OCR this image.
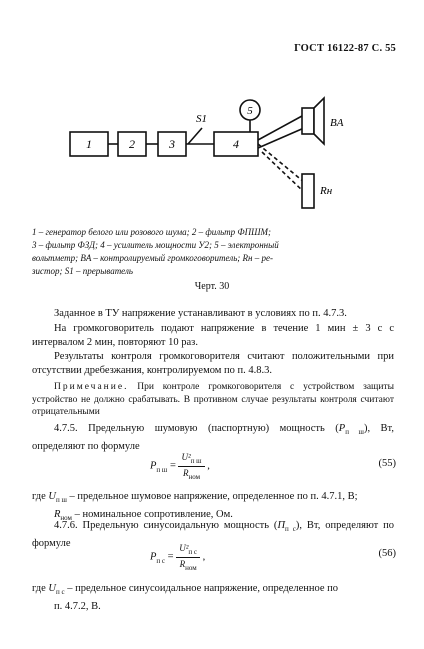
ГОСТ 16122-87 С. 55
1	2	3	4
5
S1	BA
Rн
1 – генератор белого или розового шума; 2 – фильтр ФПШМ;
3 – фильтр ФЗД; 4 – усилитель мощности У2; 5 – электронный
вольтметр; BA – контролируемый громкоговоритель; Rн – ре-
зистор; S1 – прерыватель
Черт. 30
Заданное в ТУ напряжение устанавливают в условиях по п. 4.7.3.
На громкоговоритель подают напряжение в течение 1 мин ± 3 с с интервалом 2 мин, повторяют 10 раз.
Результаты контроля громкоговорителя считают положительными при отсутствии дребезжания, контролируемом по п. 4.8.3.
Примечание. При контроле громкоговорителя с устройством защиты устройство не должно срабатывать. В противном случае результаты контроля считают отрицательными
4.7.5. Предельную шумовую (паспортную) мощность $(P_{п ш})$, Вт, определяют по формуле
$P_{п ш} = \frac{U^2_{п ш}}{R_{ном}}$ ,	(55)
где $U_{п ш}$ – предельное шумовое напряжение, определенное по п. 4.7.1, В;
$R_{ном}$ – номинальное сопротивление, Ом.
4.7.6. Предельную синусоидальную мощность $(П_{п с})$, Вт, определяют по формуле
$P_{п с} = \frac{U^2_{п с}}{R_{ном}}$ ,	(56)
где $U_{п с}$ – предельное синусоидальное напряжение, определенное по
п. 4.7.2, В.
